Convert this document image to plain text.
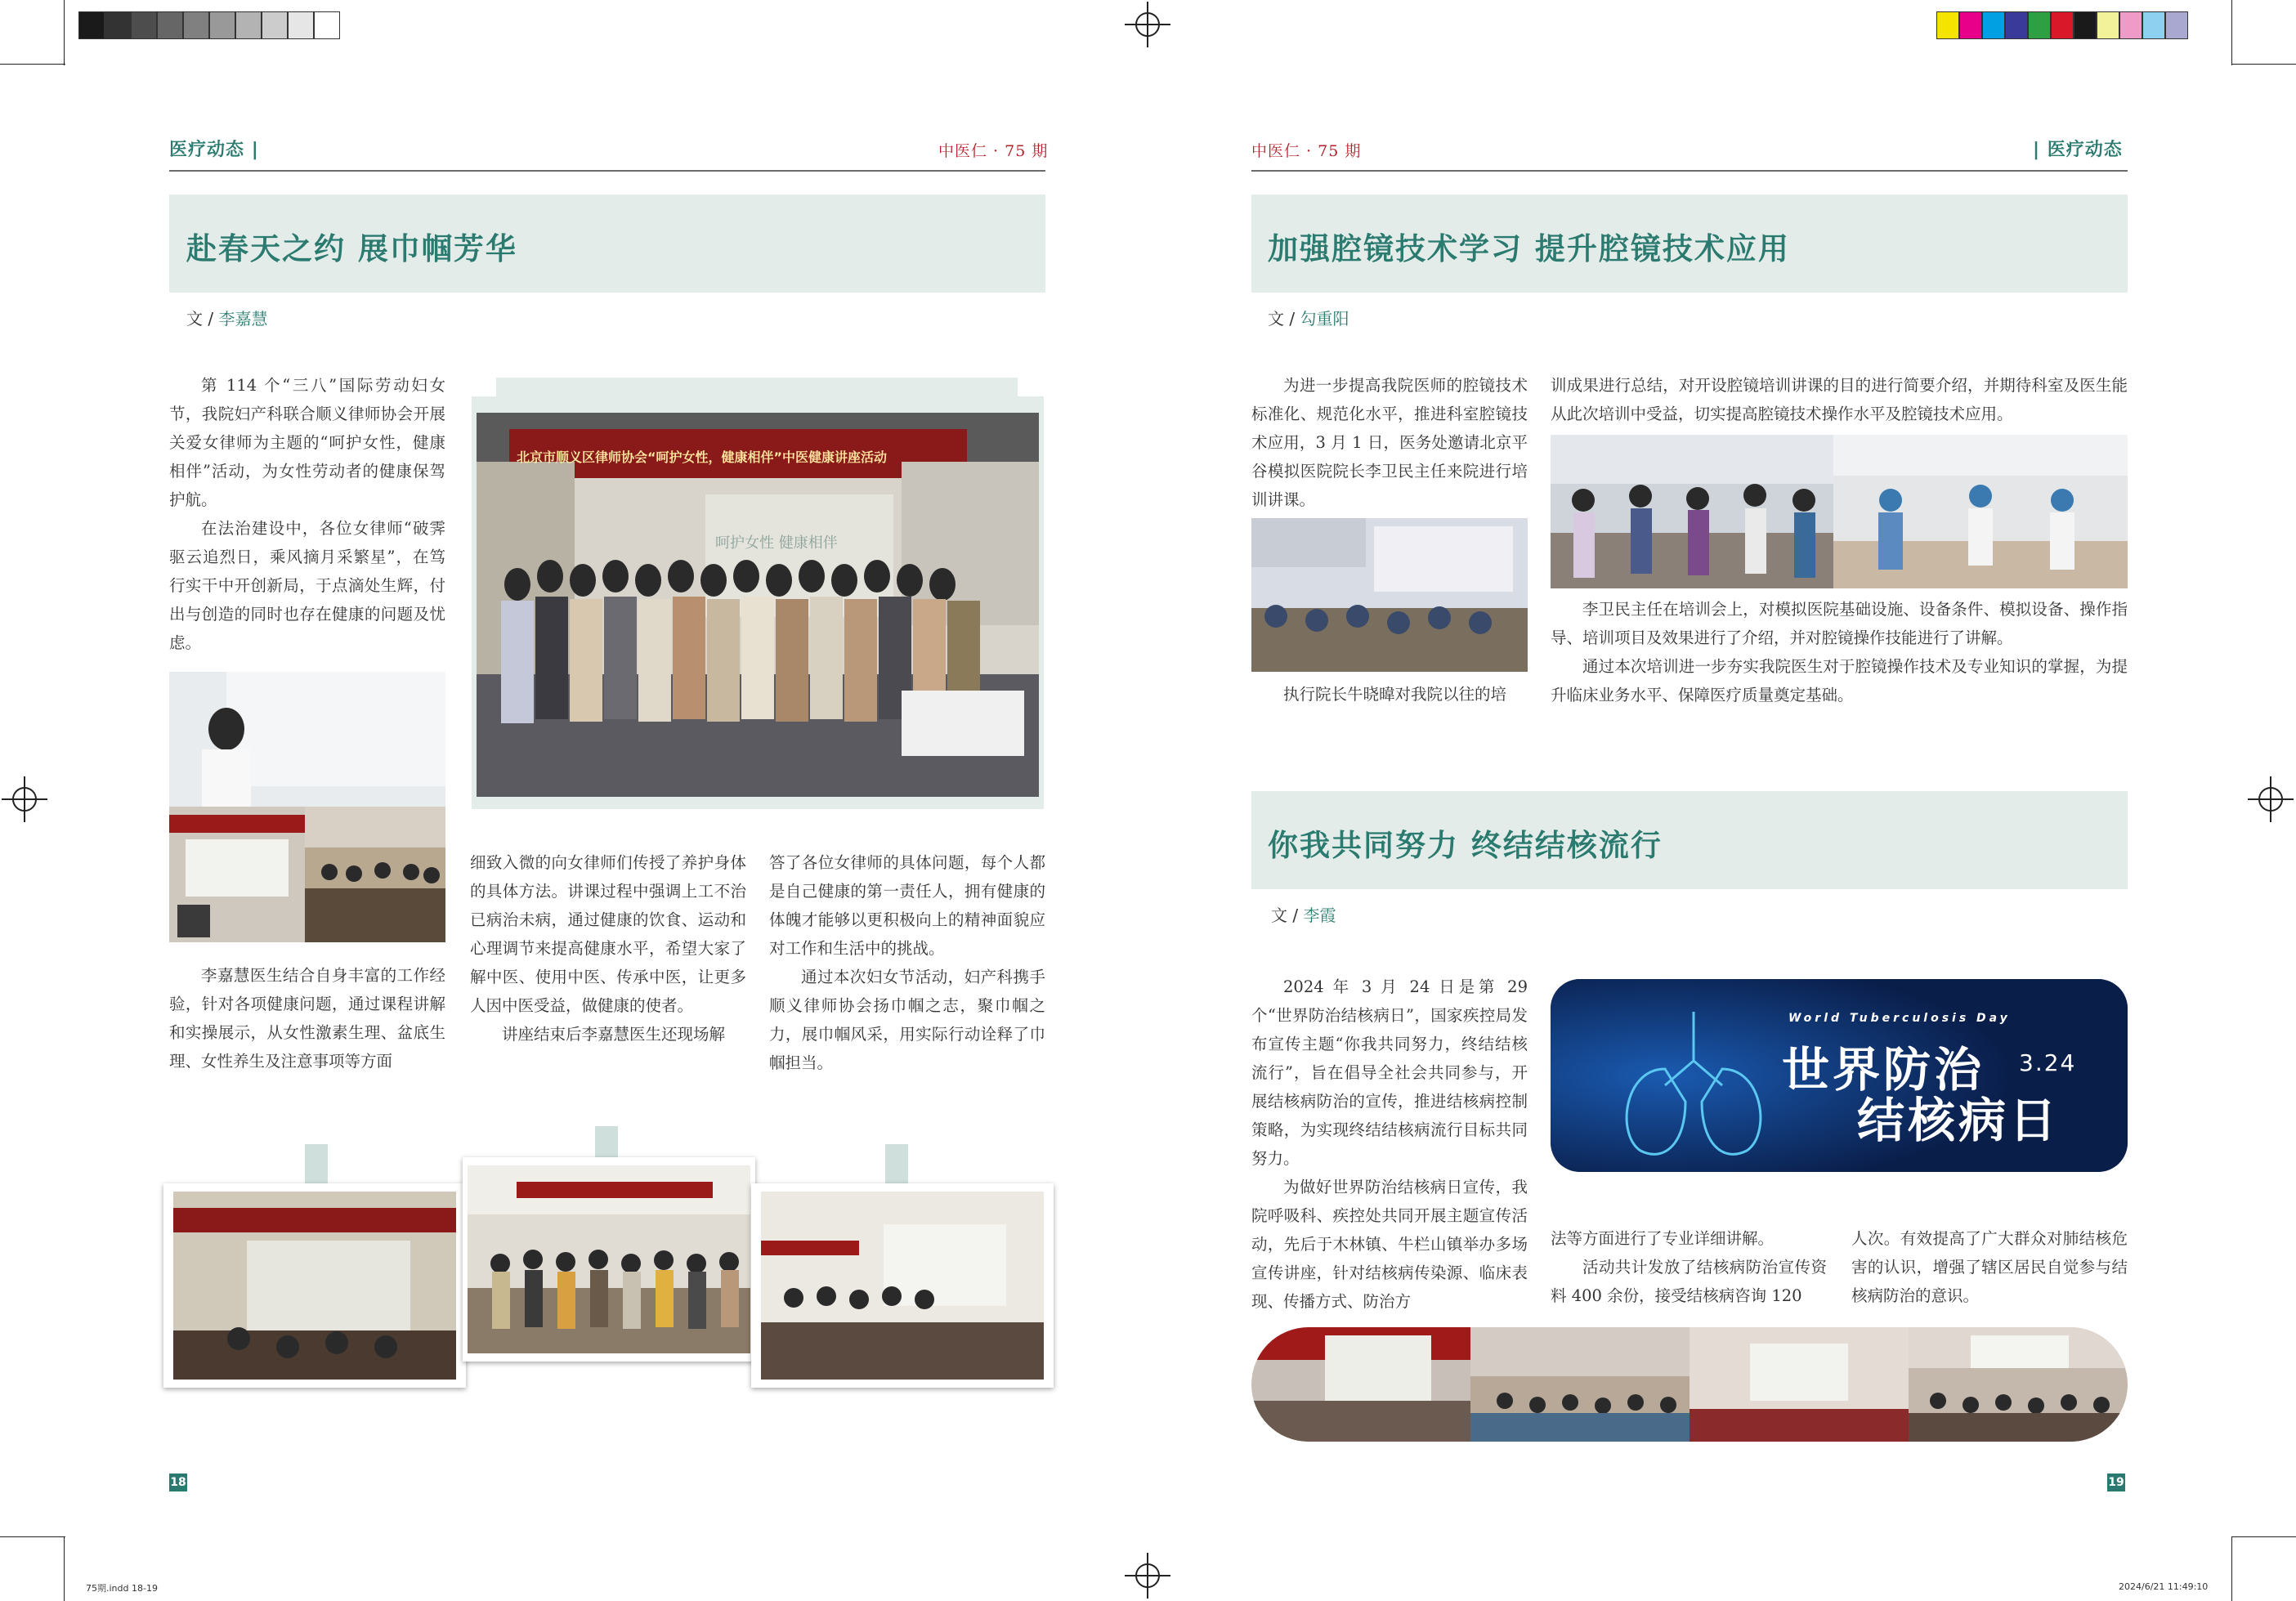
医疗动态 |	中医仁 · 75 期
赴春天之约 展巾帼芳华
文 / 李嘉慧

第 114 个“三八”国际劳动妇女节，我院妇产科联合顺义律师协会开展关爱女律师为主题的“呵护女性，健康相伴”活动，为女性劳动者的健康保驾护航。

在法治建设中，各位女律师“破霁驱云追烈日，乘风摘月采繁星”，在笃行实干中开创新局，于点滴处生辉，付出与创造的同时也存在健康的问题及忧虑。

北京市顺义区律师协会“呵护女性，健康相伴”中医健康讲座活动
呵护女性 健康相伴

李嘉慧医生结合自身丰富的工作经验，针对各项健康问题，通过课程讲解和实操展示，从女性激素生理、盆底生理、女性养生及注意事项等方面

细致入微的向女律师们传授了养护身体的具体方法。讲课过程中强调上工不治已病治未病，通过健康的饮食、运动和心理调节来提高健康水平，希望大家了解中医、使用中医、传承中医，让更多人因中医受益，做健康的使者。

讲座结束后李嘉慧医生还现场解

答了各位女律师的具体问题，每个人都是自己健康的第一责任人，拥有健康的体魄才能够以更积极向上的精神面貌应对工作和生活中的挑战。

通过本次妇女节活动，妇产科携手顺义律师协会扬巾帼之志，聚巾帼之力，展巾帼风采，用实际行动诠释了巾帼担当。

18
75期.indd 18-19
中医仁 · 75 期	| 医疗动态
加强腔镜技术学习 提升腔镜技术应用
文 / 勾重阳

为进一步提高我院医师的腔镜技术标准化、规范化水平，推进科室腔镜技术应用，3 月 1 日，医务处邀请北京平谷模拟医院院长李卫民主任来院进行培训讲课。

执行院长牛晓暐对我院以往的培

训成果进行总结，对开设腔镜培训讲课的目的进行简要介绍，并期待科室及医生能从此次培训中受益，切实提高腔镜技术操作水平及腔镜技术应用。

李卫民主任在培训会上，对模拟医院基础设施、设备条件、模拟设备、操作指导、培训项目及效果进行了介绍，并对腔镜操作技能进行了讲解。

通过本次培训进一步夯实我院医生对于腔镜操作技术及专业知识的掌握，为提升临床业务水平、保障医疗质量奠定基础。

你我共同努力 终结结核流行
文 / 李霞

2024 年 3 月 24 日是第 29 个“世界防治结核病日”，国家疾控局发布宣传主题“你我共同努力，终结结核流行”，旨在倡导全社会共同参与，开展结核病防治的宣传，推进结核病控制策略，为实现终结结核病流行目标共同努力。

为做好世界防治结核病日宣传，我院呼吸科、疾控处共同开展主题宣传活动，先后于木林镇、牛栏山镇举办多场宣传讲座，针对结核病传染源、临床表现、传播方式、防治方

World Tuberculosis Day
世界防治 3.24
结核病日

法等方面进行了专业详细讲解。

活动共计发放了结核病防治宣传资料 400 余份，接受结核病咨询 120

人次。有效提高了广大群众对肺结核危害的认识，增强了辖区居民自觉参与结核病防治的意识。

19
2024/6/21 11:49:10
